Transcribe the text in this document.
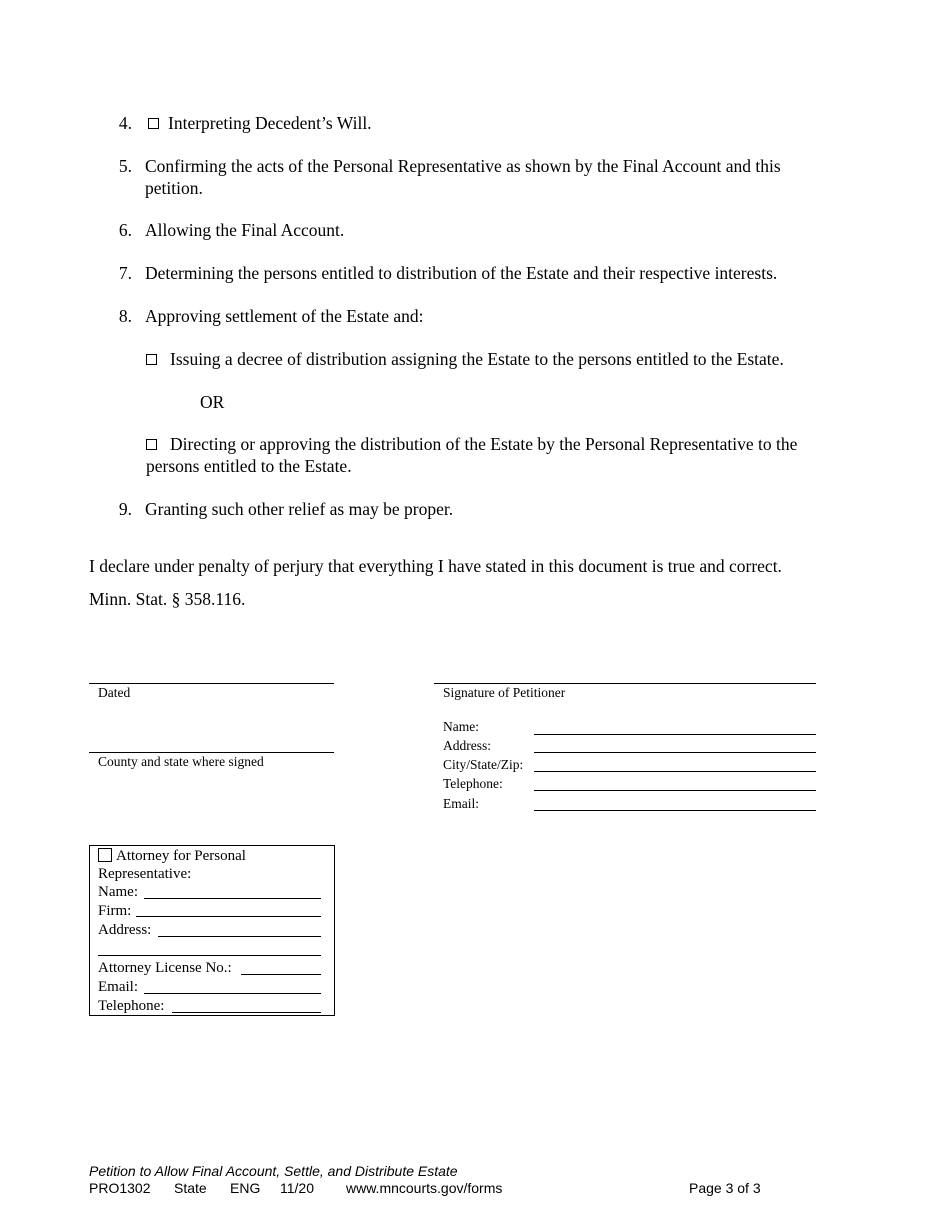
4.	Interpreting Decedent’s Will.
5. Confirming the acts of the Personal Representative as shown by the Final Account and this petition.
6. Allowing the Final Account.
7. Determining the persons entitled to distribution of the Estate and their respective interests.
8. Approving settlement of the Estate and:
Issuing a decree of distribution assigning the Estate to the persons entitled to the Estate.
OR
Directing or approving the distribution of the Estate by the Personal Representative to the persons entitled to the Estate.
9. Granting such other relief as may be proper.
I declare under penalty of perjury that everything I have stated in this document is true and correct.
Minn. Stat. § 358.116.
Dated
County and state where signed
Signature of Petitioner
Name:
Address:
City/State/Zip:
Telephone:
Email:
Attorney for Personal
Representative:
Name:
Firm:
Address:
Attorney License No.:
Email:
Telephone:
Petition to Allow Final Account, Settle, and Distribute Estate
PRO1302 State ENG 11/20 www.mncourts.gov/forms	Page 3 of 3
